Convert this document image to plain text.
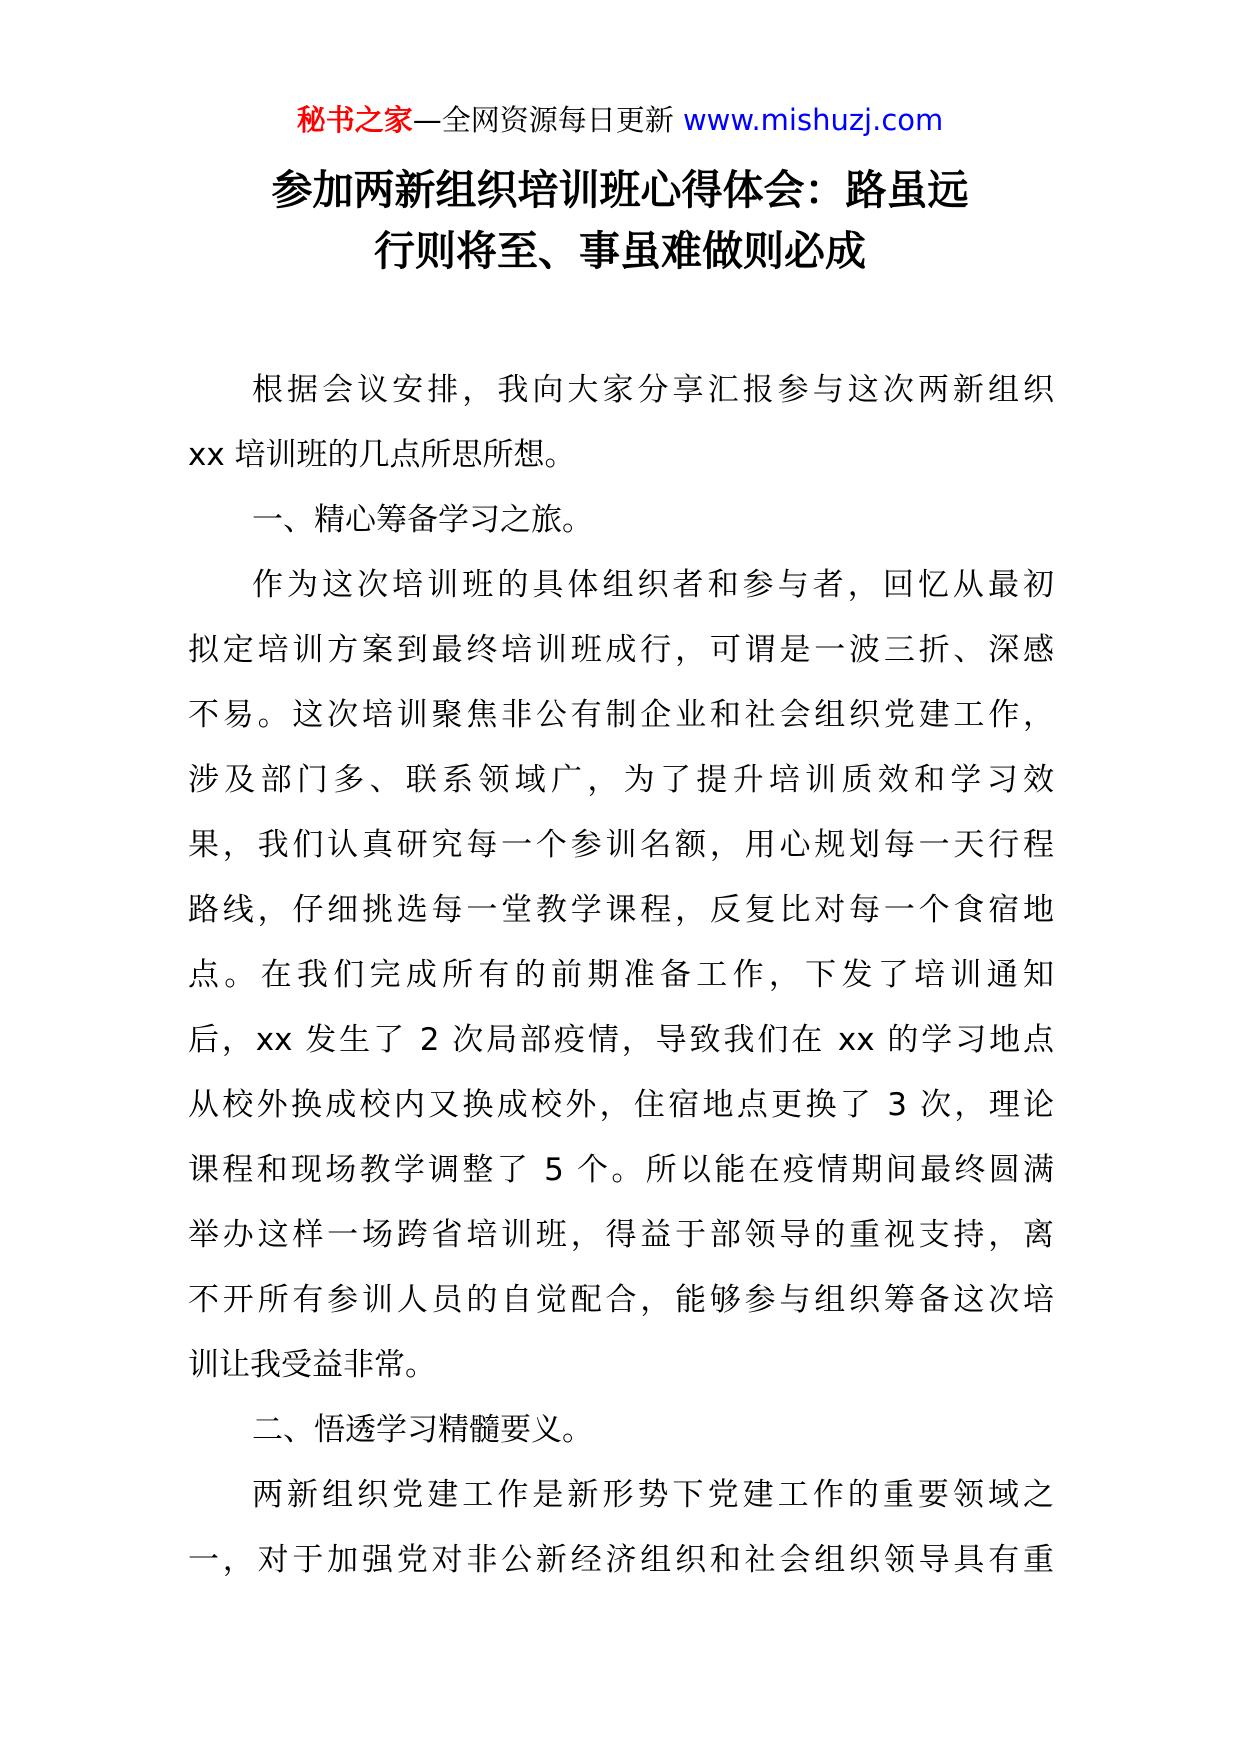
秘书之家—全网资源每日更新 www.mishuzj.com
参加两新组织培训班心得体会：路虽远
行则将至、事虽难做则必成
根据会议安排，我向大家分享汇报参与这次两新组织
xx 培训班的几点所思所想。
一、精心筹备学习之旅。
作为这次培训班的具体组织者和参与者，回忆从最初
拟定培训方案到最终培训班成行，可谓是一波三折、深感
不易。这次培训聚焦非公有制企业和社会组织党建工作，
涉及部门多、联系领域广，为了提升培训质效和学习效
果，我们认真研究每一个参训名额，用心规划每一天行程
路线，仔细挑选每一堂教学课程，反复比对每一个食宿地
点。在我们完成所有的前期准备工作，下发了培训通知
后，xx 发生了 2 次局部疫情，导致我们在 xx 的学习地点
从校外换成校内又换成校外，住宿地点更换了 3 次，理论
课程和现场教学调整了 5 个。所以能在疫情期间最终圆满
举办这样一场跨省培训班，得益于部领导的重视支持，离
不开所有参训人员的自觉配合，能够参与组织筹备这次培
训让我受益非常。
二、悟透学习精髓要义。
两新组织党建工作是新形势下党建工作的重要领域之
一，对于加强党对非公新经济组织和社会组织领导具有重
